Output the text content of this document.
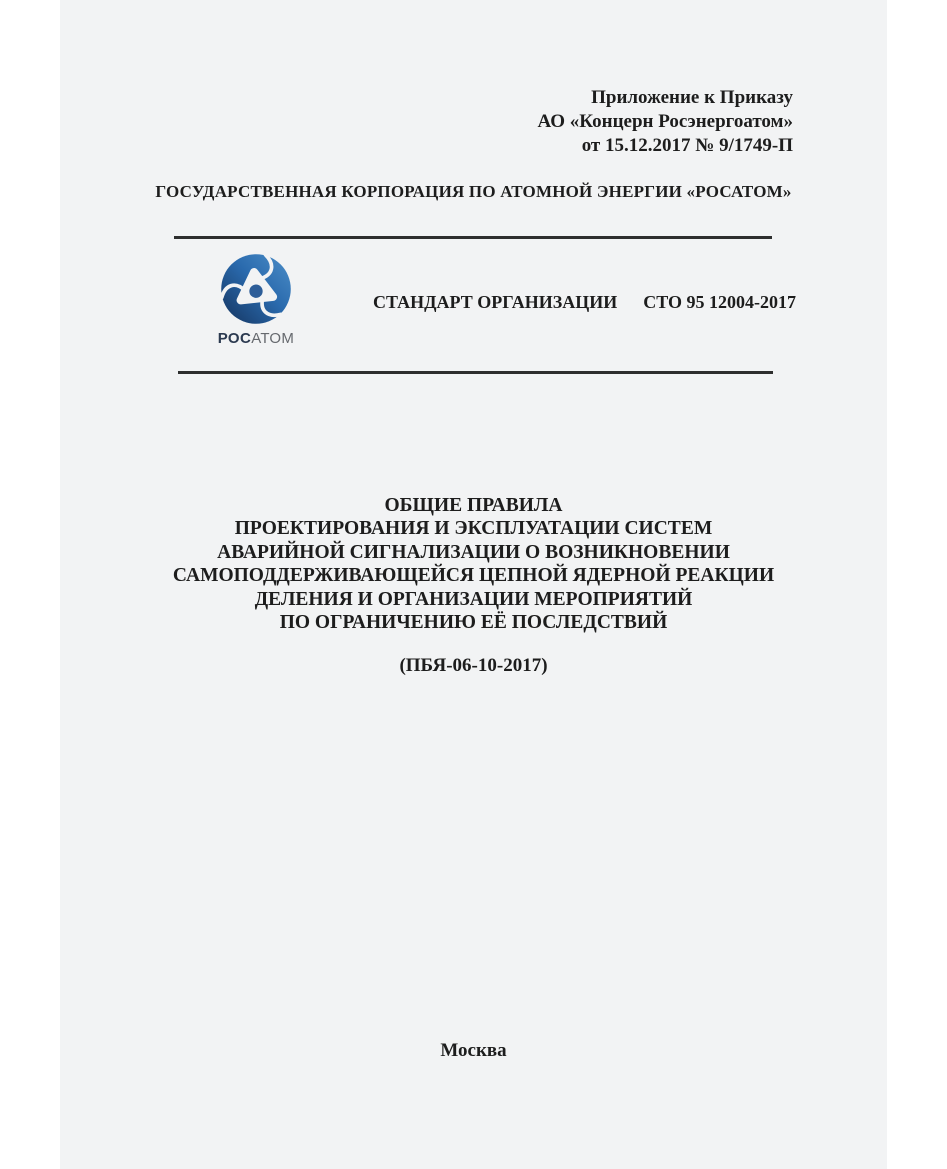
Приложение к Приказу
АО «Концерн Росэнергоатом»
от 15.12.2017 № 9/1749-П
ГОСУДАРСТВЕННАЯ КОРПОРАЦИЯ ПО АТОМНОЙ ЭНЕРГИИ «РОСАТОМ»
РОСАТОМ
СТАНДАРТ ОРГАНИЗАЦИИ СТО 95 12004-2017
ОБЩИЕ ПРАВИЛА
ПРОЕКТИРОВАНИЯ И ЭКСПЛУАТАЦИИ СИСТЕМ
АВАРИЙНОЙ СИГНАЛИЗАЦИИ О ВОЗНИКНОВЕНИИ
САМОПОДДЕРЖИВАЮЩЕЙСЯ ЦЕПНОЙ ЯДЕРНОЙ РЕАКЦИИ
ДЕЛЕНИЯ И ОРГАНИЗАЦИИ МЕРОПРИЯТИЙ
ПО ОГРАНИЧЕНИЮ ЕЁ ПОСЛЕДСТВИЙ
(ПБЯ-06-10-2017)
Москва
